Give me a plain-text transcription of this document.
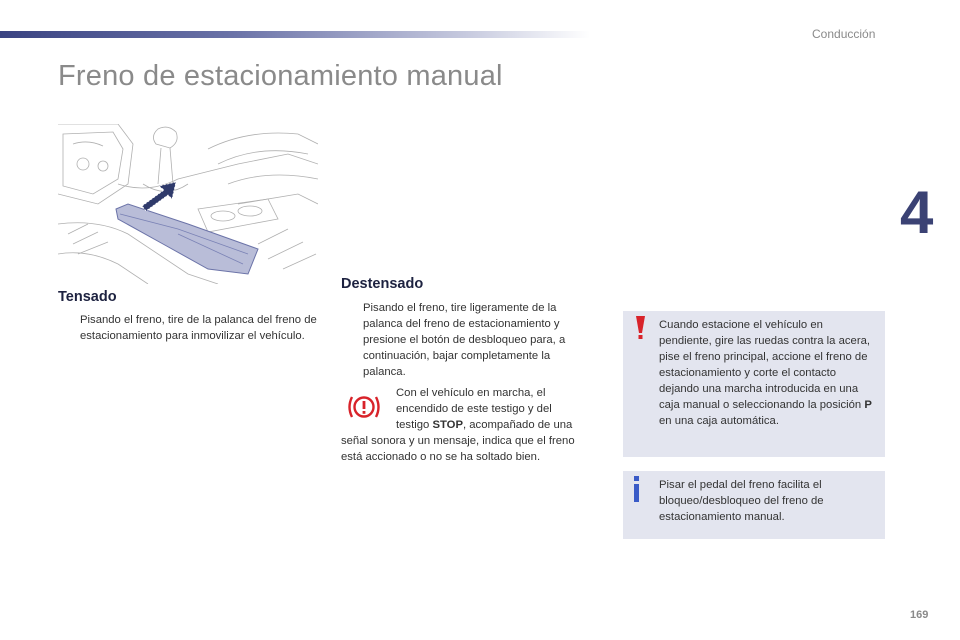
Conducción
Freno de estacionamiento manual
4
Tensado
Pisando el freno, tire de la palanca del freno de estacionamiento para inmovilizar el vehículo.
Destensado
Pisando el freno, tire ligeramente de la palanca del freno de estacionamiento y presione el botón de desbloqueo para, a continuación, bajar completamente la palanca.
Con el vehículo en marcha, el
encendido de este testigo y del
testigo STOP, acompañado de una
señal sonora y un mensaje, indica que el freno
está accionado o no se ha soltado bien.
Cuando estacione el vehículo en pendiente, gire las ruedas contra la acera, pise el freno principal, accione el freno de estacionamiento y corte el contacto dejando una marcha introducida en una caja manual o seleccionando la posición P en una caja automática.
Pisar el pedal del freno facilita el bloqueo/desbloqueo del freno de estacionamiento manual.
169
